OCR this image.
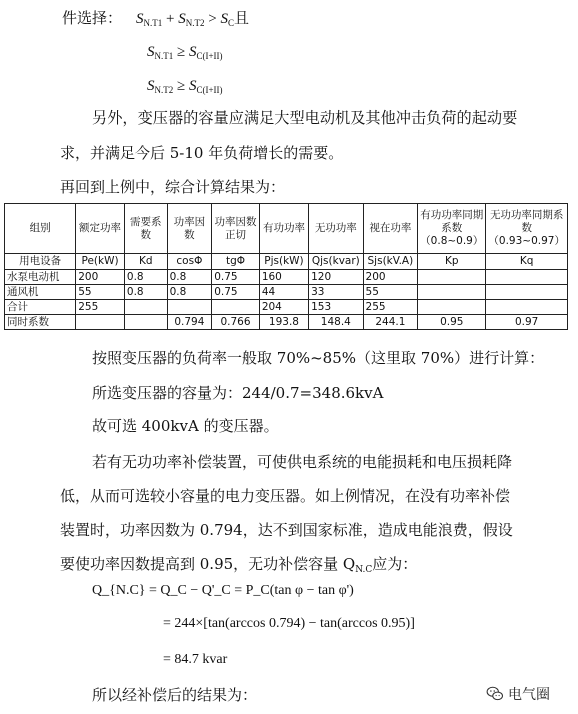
件选择： $S_{N.T1} + S_{N.T2} > S_C$且
$S_{N.T1} \ge S_{C(I+II)}$
$S_{N.T2} \ge S_{C(I+II)}$
另外，变压器的容量应满足大型电动机及其他冲击负荷的起动要
求，并满足今后 5-10 年负荷增长的需要。
再回到上例中，综合计算结果为：
组别	额定功率	需要系数	功率因数	功率因数正切	有功功率	无功功率	视在功率	有功功率同期系数（0.8~0.9）	无功功率同期系数（0.93~0.97）
用电设备	Pe(kW)	Kd	cosΦ	tgΦ	Pjs(kW)	Qjs(kvar)	Sjs(kV.A)	Kp	Kq
水泵电动机	200	0.8	0.8	0.75	160	120	200		
通风机	55	0.8	0.8	0.75	44	33	55		
合计	255				204	153	255		
同时系数			0.794	0.766	193.8	148.4	244.1	0.95	0.97
按照变压器的负荷率一般取 70%~85%（这里取 70%）进行计算：
所选变压器的容量为：244/0.7=348.6kvA
故可选 400kvA 的变压器。
若有无功功率补偿装置，可使供电系统的电能损耗和电压损耗降
低，从而可选较小容量的电力变压器。如上例情况，在没有功率补偿
装置时，功率因数为 0.794，达不到国家标准，造成电能浪费，假设
要使功率因数提高到 0.95，无功补偿容量 $Q_{N.C}$应为：
Q_{N.C} = Q_C − Q'_C = P_C(tan φ − tan φ')
= 244×[tan(arccos 0.794) − tan(arccos 0.95)]
= 84.7 kvar
所以经补偿后的结果为：	电气圈
